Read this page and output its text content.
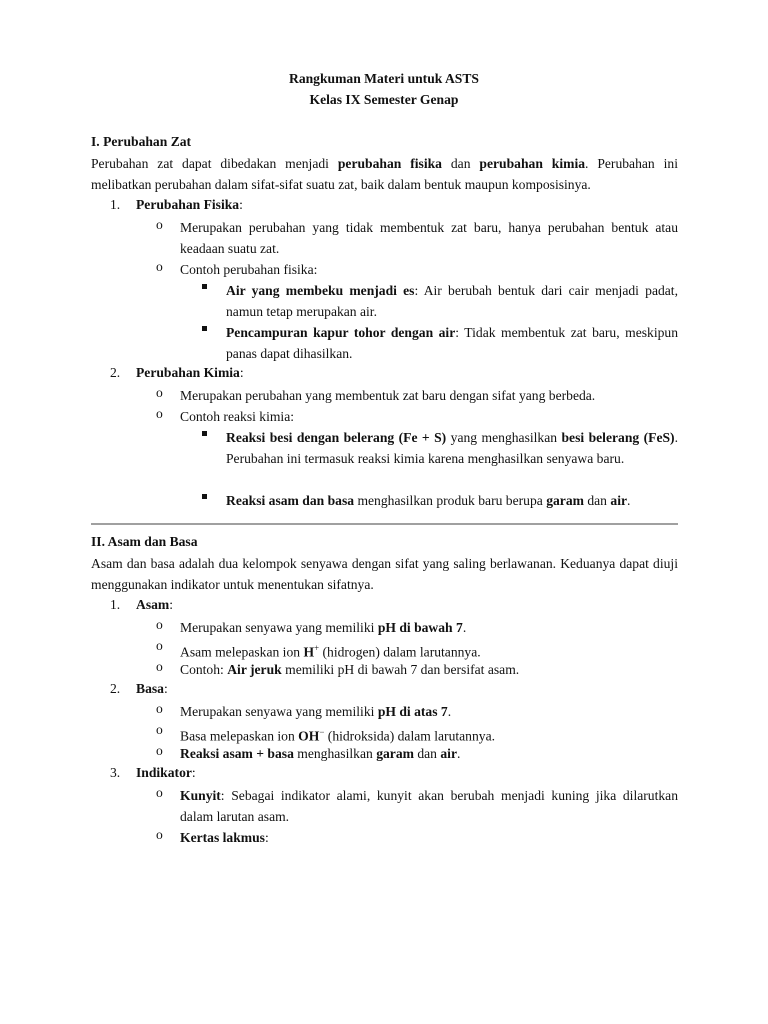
Rangkuman Materi untuk ASTS
Kelas IX Semester Genap
I. Perubahan Zat
Perubahan zat dapat dibedakan menjadi perubahan fisika dan perubahan kimia. Perubahan ini melibatkan perubahan dalam sifat-sifat suatu zat, baik dalam bentuk maupun komposisinya.
1. Perubahan Fisika:
o Merupakan perubahan yang tidak membentuk zat baru, hanya perubahan bentuk atau keadaan suatu zat.
o Contoh perubahan fisika:
Air yang membeku menjadi es: Air berubah bentuk dari cair menjadi padat, namun tetap merupakan air.
Pencampuran kapur tohor dengan air: Tidak membentuk zat baru, meskipun panas dapat dihasilkan.
2. Perubahan Kimia:
o Merupakan perubahan yang membentuk zat baru dengan sifat yang berbeda.
o Contoh reaksi kimia:
Reaksi besi dengan belerang (Fe + S) yang menghasilkan besi belerang (FeS). Perubahan ini termasuk reaksi kimia karena menghasilkan senyawa baru.
Reaksi asam dan basa menghasilkan produk baru berupa garam dan air.
II. Asam dan Basa
Asam dan basa adalah dua kelompok senyawa dengan sifat yang saling berlawanan. Keduanya dapat diuji menggunakan indikator untuk menentukan sifatnya.
1. Asam:
o Merupakan senyawa yang memiliki pH di bawah 7.
o Asam melepaskan ion H+ (hidrogen) dalam larutannya.
o Contoh: Air jeruk memiliki pH di bawah 7 dan bersifat asam.
2. Basa:
o Merupakan senyawa yang memiliki pH di atas 7.
o Basa melepaskan ion OH− (hidroksida) dalam larutannya.
o Reaksi asam + basa menghasilkan garam dan air.
3. Indikator:
o Kunyit: Sebagai indikator alami, kunyit akan berubah menjadi kuning jika dilarutkan dalam larutan asam.
o Kertas lakmus:
